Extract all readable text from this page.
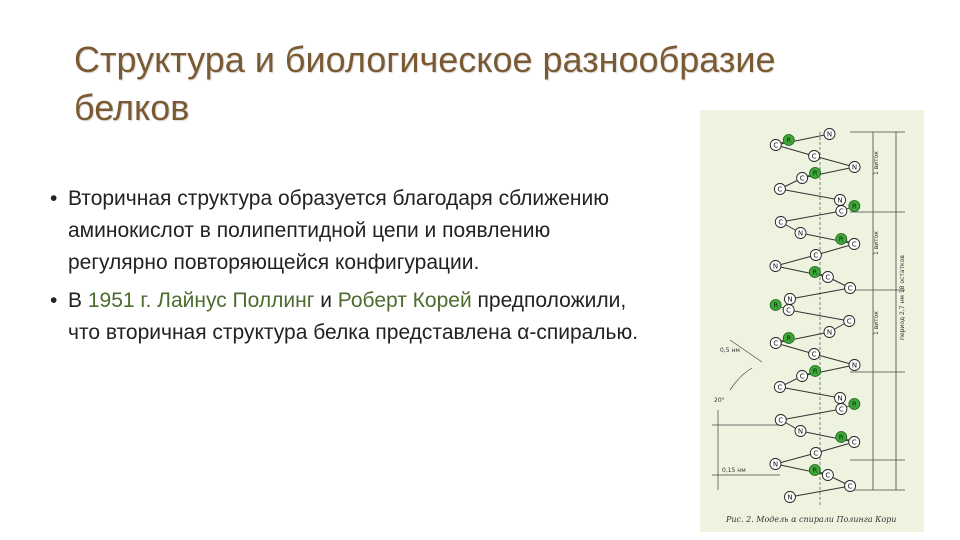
Структура и биологическое разнообразие белков
• Вторичная структура образуется благодаря сближению аминокислот в полипептидной цепи и появлению регулярно повторяющейся конфигурации.
• В 1951 г. Лайнус Поллинг и Роберт Корей предположили, что вторичная структура белка представлена α-спиралью.
1 виток
1 виток
1 виток	период 2,7 нм 18 остатков
0,5 нм
20°
0,15 нм
N
C
R
C
N
C
R
C
N
C
R
C
N
C
R
C
N
C
R
C
N
C
R
C
N
C
R
C
N
C
R
C
N
C
R
C
N
C
R
C
N
C
R
C
N
Рис. 2. Модель α спирали Полинга Кори
